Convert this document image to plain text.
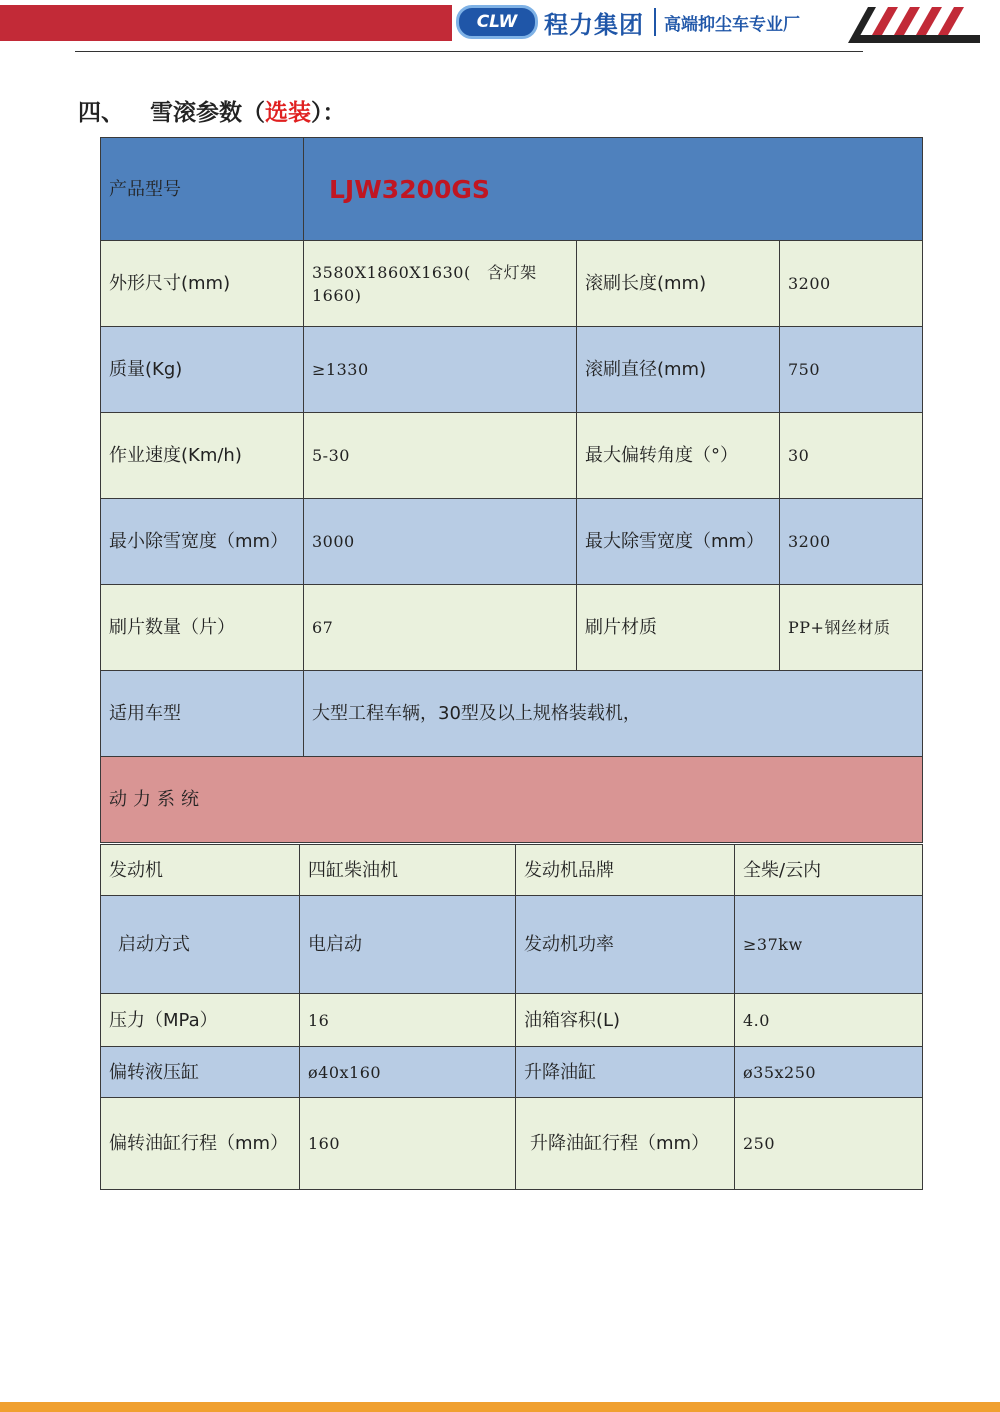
CLW	程力集团 高端抑尘车专业厂
四、 雪滚参数（选装）：
产品型号	LJW3200GS		
外形尺寸(mm)	3580X1860X1630(　含灯架1660)	滚刷长度(mm)	3200
质量(Kg)	≥1330	滚刷直径(mm)	750
作业速度(Km/h)	5-30	最大偏转角度（°）	30
最小除雪宽度（mm）	3000	最大除雪宽度（mm）	3200
刷片数量（片）	67	刷片材质	PP+钢丝材质
适用车型	大型工程车辆，30型及以上规格装载机，		
动力系统			
发动机	四缸柴油机	发动机品牌	全柴/云内
启动方式	电启动	发动机功率	≥37kw
压力（MPa）	16	油箱容积(L)	4.0
偏转液压缸	ø40x160	升降油缸	ø35x250
偏转油缸行程（mm）	160	升降油缸行程（mm）	250
